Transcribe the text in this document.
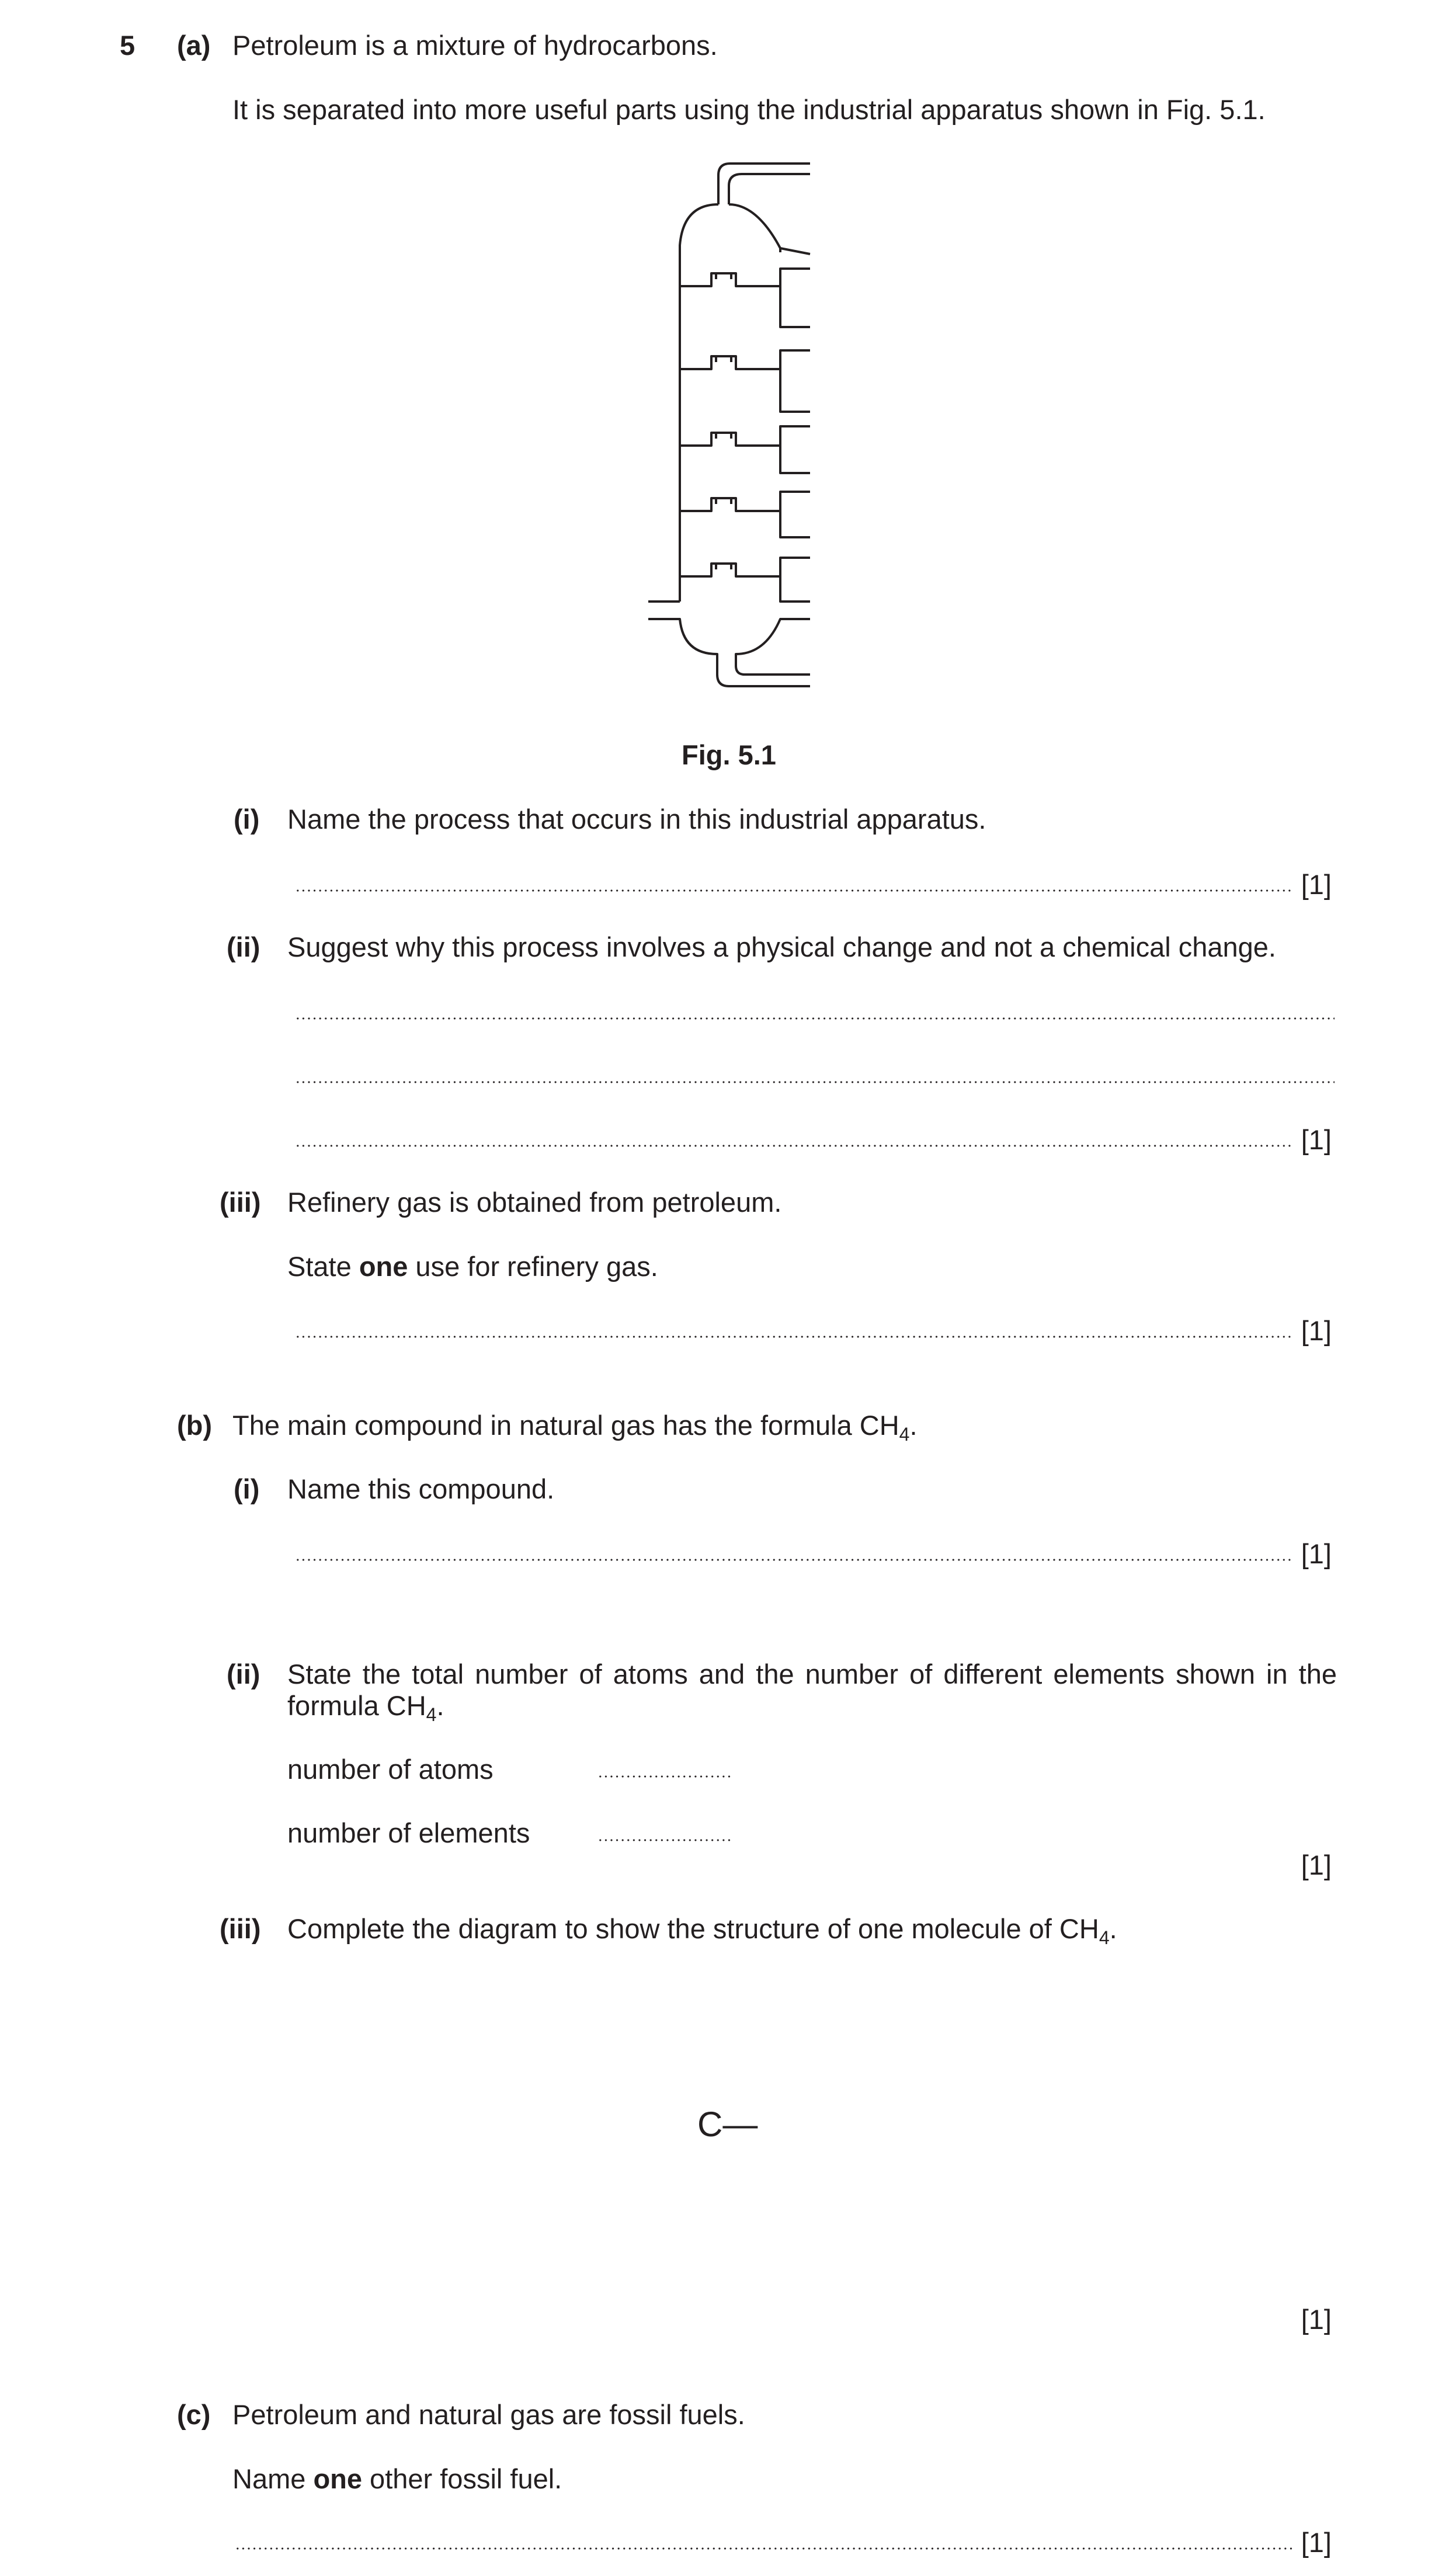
5 (a) Petroleum is a mixture of hydrocarbons.
It is separated into more useful parts using the industrial apparatus shown in Fig. 5.1.
Fig. 5.1
(i) Name the process that occurs in this industrial apparatus.
[1]
(ii) Suggest why this process involves a physical change and not a chemical change.
[1]
(iii) Refinery gas is obtained from petroleum.
State one use for refinery gas.
[1]
(b) The main compound in natural gas has the formula $CH_4$.
(i) Name this compound.
[1]
(ii) State the total number of atoms and the number of different elements shown in the
formula $CH_4$.
number of atoms
number of elements
[1]
(iii) Complete the diagram to show the structure of one molecule of $CH_4$.
C—
[1]
(c) Petroleum and natural gas are fossil fuels.
Name one other fossil fuel.
[1]
